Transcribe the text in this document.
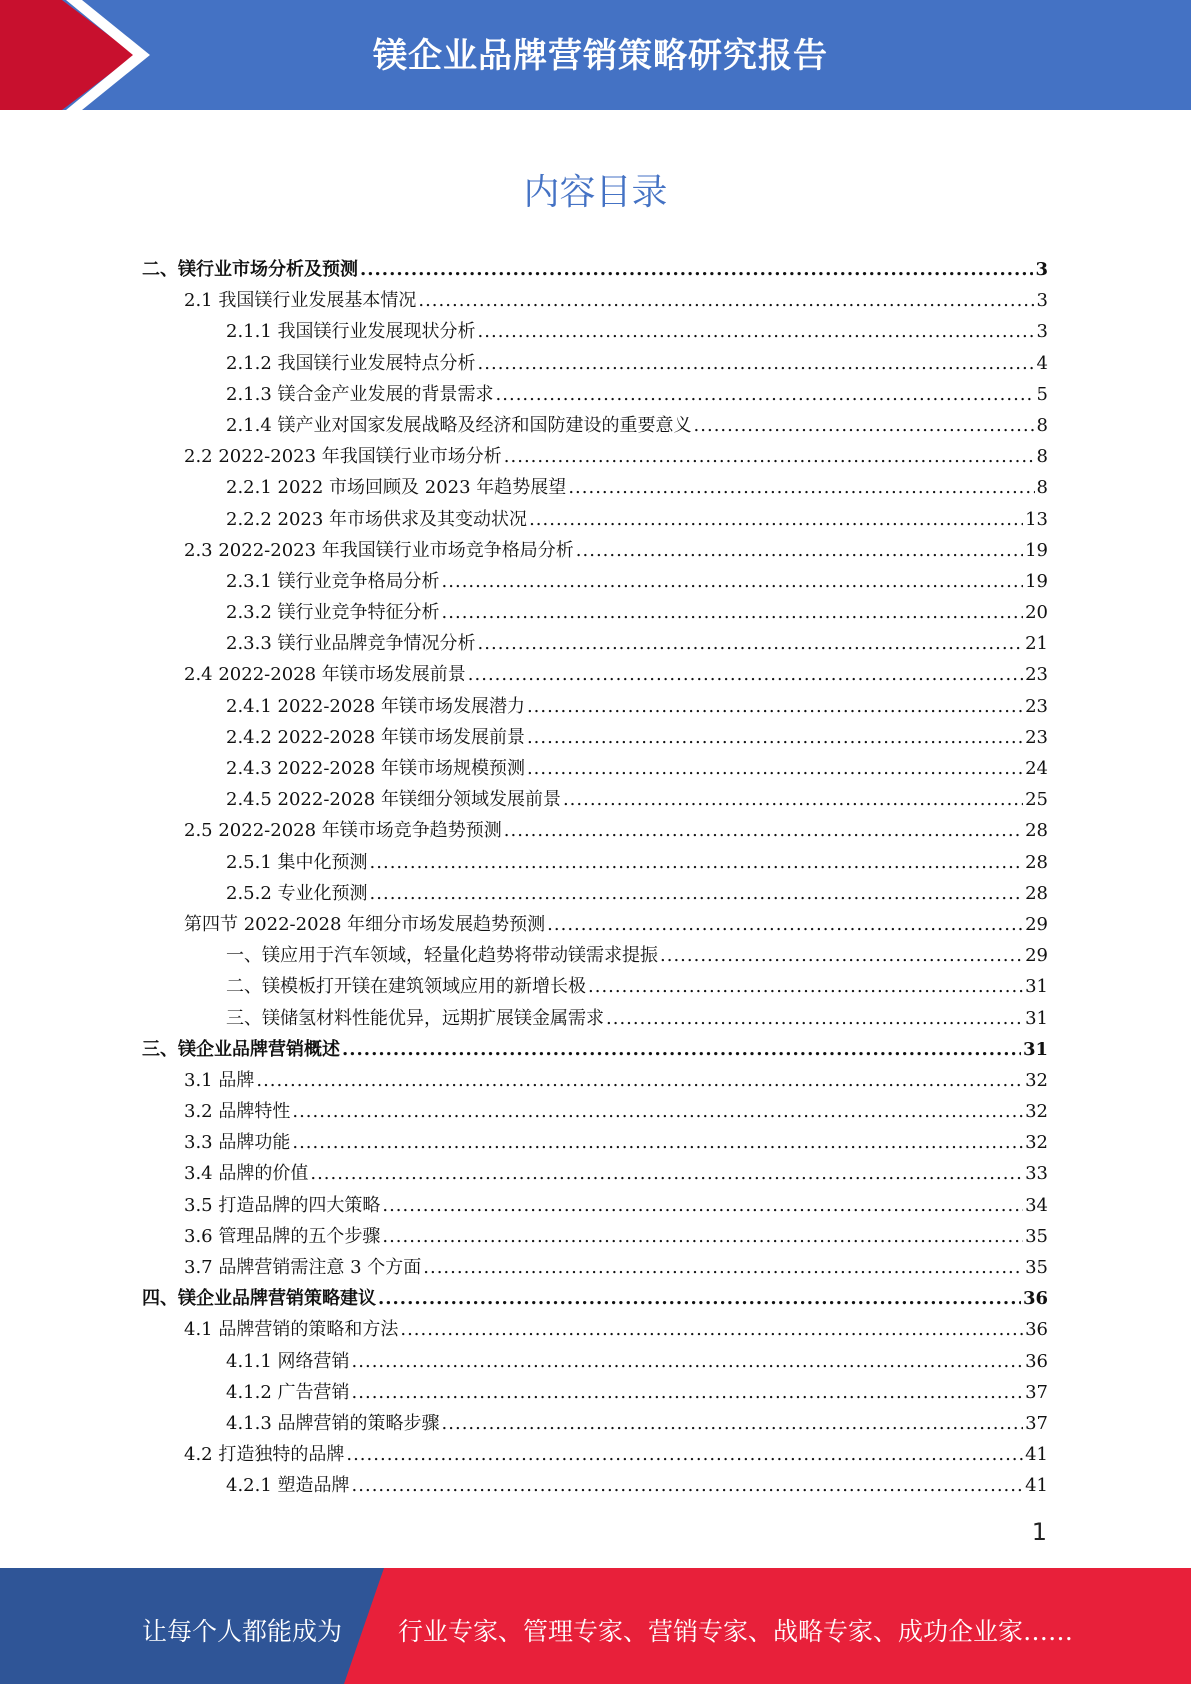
镁企业品牌营销策略研究报告
内容目录
二、镁行业市场分析及预测 .....	3
2.1 我国镁行业发展基本情况 .....	3
2.1.1 我国镁行业发展现状分析 .....	3
2.1.2 我国镁行业发展特点分析 .....	4
2.1.3 镁合金产业发展的背景需求 .....	5
2.1.4 镁产业对国家发展战略及经济和国防建设的重要意义 .....	8
2.2 2022-2023 年我国镁行业市场分析 .....	8
2.2.1 2022 市场回顾及 2023 年趋势展望 .....	8
2.2.2 2023 年市场供求及其变动状况 .....	13
2.3 2022-2023 年我国镁行业市场竞争格局分析 .....	19
2.3.1 镁行业竞争格局分析 .....	19
2.3.2 镁行业竞争特征分析 .....	20
2.3.3 镁行业品牌竞争情况分析 .....	21
2.4 2022-2028 年镁市场发展前景 .....	23
2.4.1 2022-2028 年镁市场发展潜力 .....	23
2.4.2 2022-2028 年镁市场发展前景 .....	23
2.4.3 2022-2028 年镁市场规模预测 .....	24
2.4.5 2022-2028 年镁细分领域发展前景 .....	25
2.5 2022-2028 年镁市场竞争趋势预测 .....	28
2.5.1 集中化预测 .....	28
2.5.2 专业化预测 .....	28
第四节 2022-2028 年细分市场发展趋势预测 .....	29
一、镁应用于汽车领域，轻量化趋势将带动镁需求提振 .....	29
二、镁模板打开镁在建筑领域应用的新增长极 .....	31
三、镁储氢材料性能优异，远期扩展镁金属需求 .....	31
三、镁企业品牌营销概述 .....	31
3.1 品牌 .....	32
3.2 品牌特性 .....	32
3.3 品牌功能 .....	32
3.4 品牌的价值 .....	33
3.5 打造品牌的四大策略 .....	34
3.6 管理品牌的五个步骤 .....	35
3.7 品牌营销需注意 3 个方面 .....	35
四、镁企业品牌营销策略建议 .....	36
4.1 品牌营销的策略和方法 .....	36
4.1.1 网络营销 .....	36
4.1.2 广告营销 .....	37
4.1.3 品牌营销的策略步骤 .....	37
4.2 打造独特的品牌 .....	41
4.2.1 塑造品牌 .....	41
1
让每个人都能成为 行业专家、管理专家、营销专家、战略专家、成功企业家……
